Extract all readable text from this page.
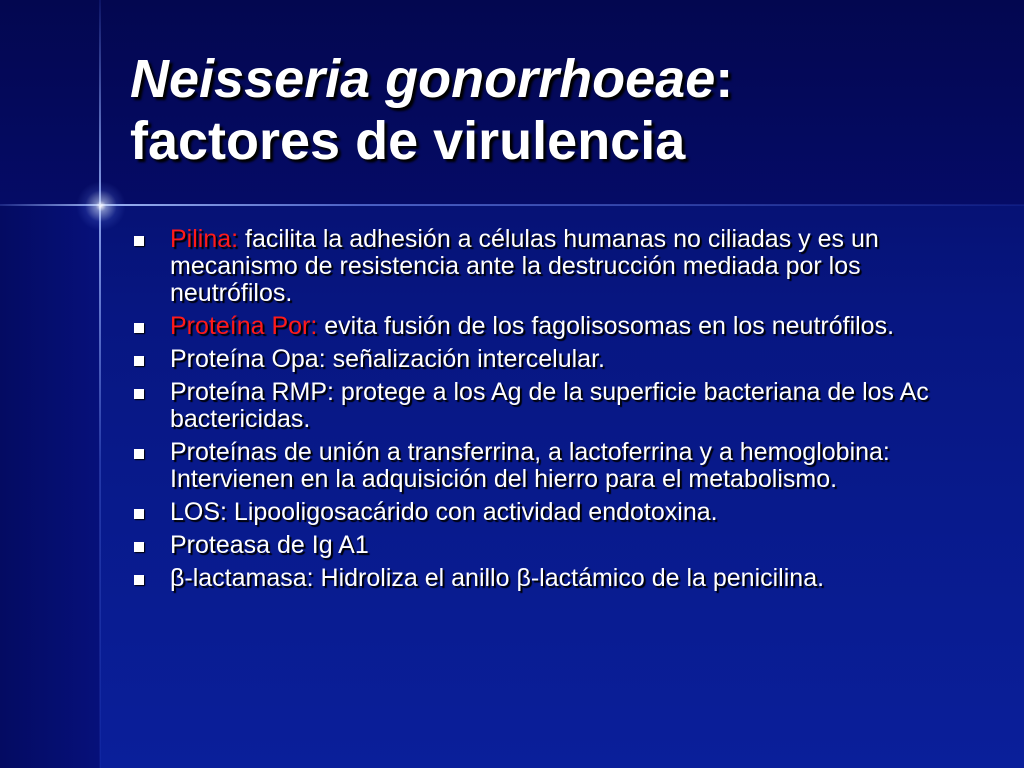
Neisseria gonorrhoeae:
factores de virulencia
Pilina: facilita la adhesión a células humanas no ciliadas y es un mecanismo de resistencia ante la destrucción mediada por los neutrófilos.
Proteína Por: evita fusión de los fagolisosomas en los neutrófilos.
Proteína Opa: señalización intercelular.
Proteína RMP: protege a los Ag de la superficie bacteriana de los Ac bactericidas.
Proteínas de unión a transferrina, a lactoferrina y a hemoglobina: Intervienen en la adquisición del hierro para el metabolismo.
LOS: Lipooligosacárido con actividad endotoxina.
Proteasa de Ig A1
β-lactamasa: Hidroliza el anillo β-lactámico de la penicilina.
